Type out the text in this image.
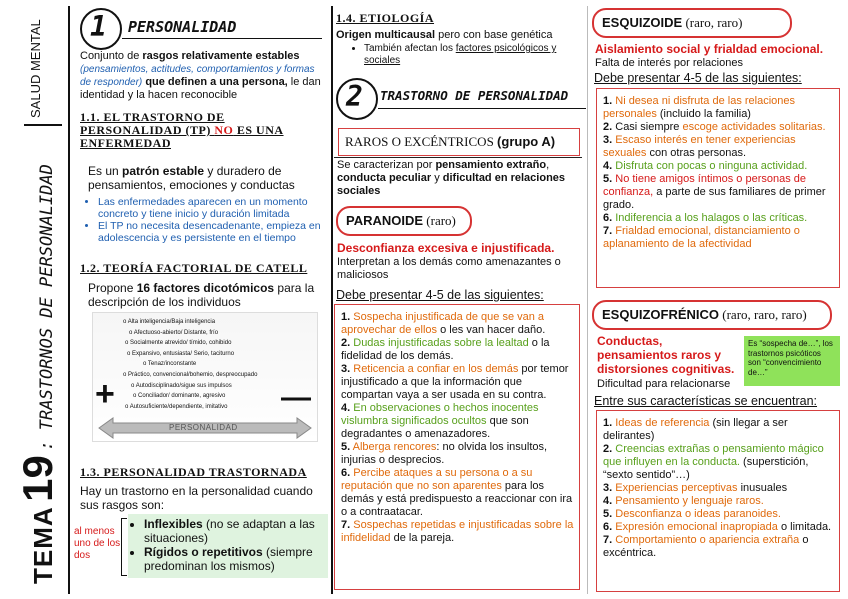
SALUD MENTAL
TEMA 19 : TRASTORNOS DE PERSONALIDAD
1 PERSONALIDAD
Conjunto de rasgos relativamente estables (pensamientos, actitudes, comportamientos y formas de responder) que definen a una persona, le dan identidad y la hacen reconocible
1.1. EL TRASTORNO DE PERSONALIDAD (TP) NO ES UNA ENFERMEDAD
Es un patrón estable y duradero de pensamientos, emociones y conductas
• Las enfermedades aparecen en un momento concreto y tiene inicio y duración limitada
• El TP no necesita desencadenante, empieza en adolescencia y es persistente en el tiempo
1.2. TEORÍA FACTORIAL DE CATELL
Propone 16 factores dicotómicos para la descripción de los individuos
o Alta inteligencia/Baja inteligencia
o Afectuoso-abierto/ Distante, frío
o Socialmente atrevido/ tímido, cohibido
o Expansivo, entusiasta/ Serio, taciturno
o Tenaz/inconstante
o Práctico, convencional/bohemio, despreocupado
o Autodisciplinado/sigue sus impulsos
o Conciliador/ dominante, agresivo
o Autosuficiente/dependiente, imitativo
+	—
PERSONALIDAD
1.3. PERSONALIDAD TRASTORNADA
Hay un trastorno en la personalidad cuando sus rasgos son:
al menos uno de los dos
• Inflexibles (no se adaptan a las situaciones)
• Rígidos o repetitivos (siempre predominan los mismos)
1.4. ETIOLOGÍA
Origen multicausal pero con base genética
• También afectan los factores psicológicos y sociales
2 TRASTORNO DE PERSONALIDAD
RAROS O EXCÉNTRICOS (grupo A)
Se caracterizan por pensamiento extraño, conducta peculiar y dificultad en relaciones sociales
PARANOIDE (raro)
Desconfianza excesiva e injustificada.
Interpretan a los demás como amenazantes o maliciosos
Debe presentar 4-5 de las siguientes:
1. Sospecha injustificada de que se van a aprovechar de ellos o les van hacer daño.
2. Dudas injustificadas sobre la lealtad o la fidelidad de los demás.
3. Reticencia a confiar en los demás por temor injustificado a que la información que compartan vaya a ser usada en su contra.
4. En observaciones o hechos inocentes vislumbra significados ocultos que son degradantes o amenazadores.
5. Alberga rencores: no olvida los insultos, injurias o desprecios.
6. Percibe ataques a su persona o a su reputación que no son aparentes para los demás y está predispuesto a reaccionar con ira o a contraatacar.
7. Sospechas repetidas e injustificadas sobre la infidelidad de la pareja.
ESQUIZOIDE (raro, raro)
Aislamiento social y frialdad emocional.
Falta de interés por relaciones
Debe presentar 4-5 de las siguientes:
1. Ni desea ni disfruta de las relaciones personales (incluido la familia)
2. Casi siempre escoge actividades solitarias.
3. Escaso interés en tener experiencias sexuales con otras personas.
4. Disfruta con pocas o ninguna actividad.
5. No tiene amigos íntimos o personas de confianza, a parte de sus familiares de primer grado.
6. Indiferencia a los halagos o las críticas.
7. Frialdad emocional, distanciamiento o aplanamiento de la afectividad
ESQUIZOFRÉNICO (raro, raro, raro)
Conductas, pensamientos raros y distorsiones cognitivas.
Dificultad para relacionarse
Es “sospecha de…”, los trastornos psicóticos son “convencimiento de…”
Entre sus características se encuentran:
1. Ideas de referencia (sin llegar a ser delirantes)
2. Creencias extrañas o pensamiento mágico que influyen en la conducta. (superstición, “sexto sentido”…)
3. Experiencias perceptivas inusuales
4. Pensamiento y lenguaje raros.
5. Desconfianza o ideas paranoides.
6. Expresión emocional inapropiada o limitada.
7. Comportamiento o apariencia extraña o excéntrica.
